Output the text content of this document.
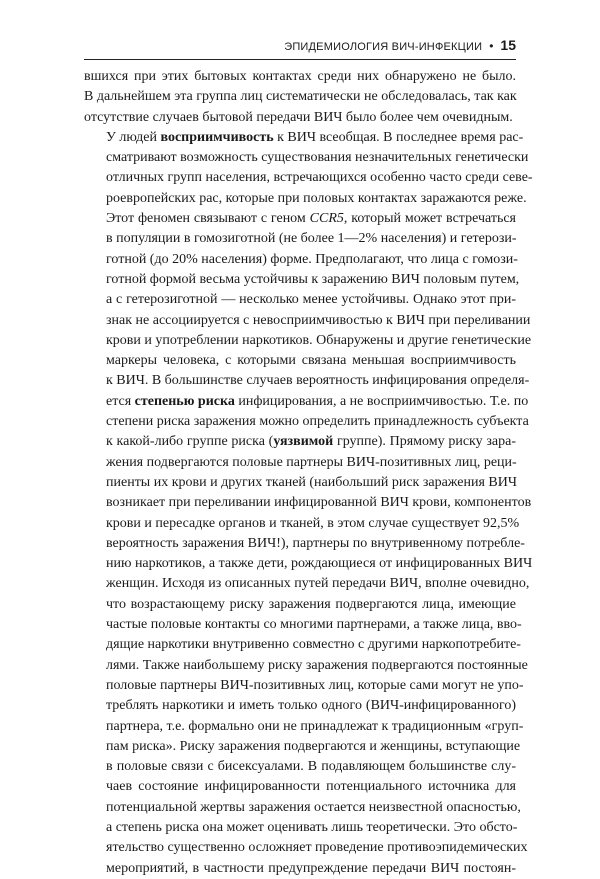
ЭПИДЕМИОЛОГИЯ ВИЧ-ИНФЕКЦИИ • 15

вшихся при этих бытовых контактах среди них обнаружено не было.
В дальнейшем эта группа лиц систематически не обследовалась, так как
отсутствие случаев бытовой передачи ВИЧ было более чем очевидным.

У людей восприимчивость к ВИЧ всеобщая. В последнее время рас-
сматривают возможность существования незначительных генетически
отличных групп населения, встречающихся особенно часто среди севе-
роевропейских рас, которые при половых контактах заражаются реже.
Этот феномен связывают с геном CCR5, который может встречаться
в популяции в гомозиготной (не более 1—2% населения) и гетерози-
готной (до 20% населения) форме. Предполагают, что лица с гомози-
готной формой весьма устойчивы к заражению ВИЧ половым путем,
а с гетерозиготной — несколько менее устойчивы. Однако этот при-
знак не ассоциируется с невосприимчивостью к ВИЧ при переливании
крови и употреблении наркотиков. Обнаружены и другие генетические
маркеры человека, с которыми связана меньшая восприимчивость
к ВИЧ. В большинстве случаев вероятность инфицирования определя-
ется степенью риска инфицирования, а не восприимчивостью. Т.е. по
степени риска заражения можно определить принадлежность субъекта
к какой-либо группе риска (уязвимой группе). Прямому риску зара-
жения подвергаются половые партнеры ВИЧ-позитивных лиц, реци-
пиенты их крови и других тканей (наибольший риск заражения ВИЧ
возникает при переливании инфицированной ВИЧ крови, компонентов
крови и пересадке органов и тканей, в этом случае существует 92,5%
вероятность заражения ВИЧ!), партнеры по внутривенному потребле-
нию наркотиков, а также дети, рождающиеся от инфицированных ВИЧ
женщин. Исходя из описанных путей передачи ВИЧ, вполне очевидно,
что возрастающему риску заражения подвергаются лица, имеющие
частые половые контакты со многими партнерами, а также лица, вво-
дящие наркотики внутривенно совместно с другими наркопотребите-
лями. Также наибольшему риску заражения подвергаются постоянные
половые партнеры ВИЧ-позитивных лиц, которые сами могут не упо-
треблять наркотики и иметь только одного (ВИЧ-инфицированного)
партнера, т.е. формально они не принадлежат к традиционным «груп-
пам риска». Риску заражения подвергаются и женщины, вступающие
в половые связи с бисексуалами. В подавляющем большинстве слу-
чаев состояние инфицированности потенциального источника для
потенциальной жертвы заражения остается неизвестной опасностью,
а степень риска она может оценивать лишь теоретически. Это обсто-
ятельство существенно осложняет проведение противоэпидемических
мероприятий, в частности предупреждение передачи ВИЧ постоян-
